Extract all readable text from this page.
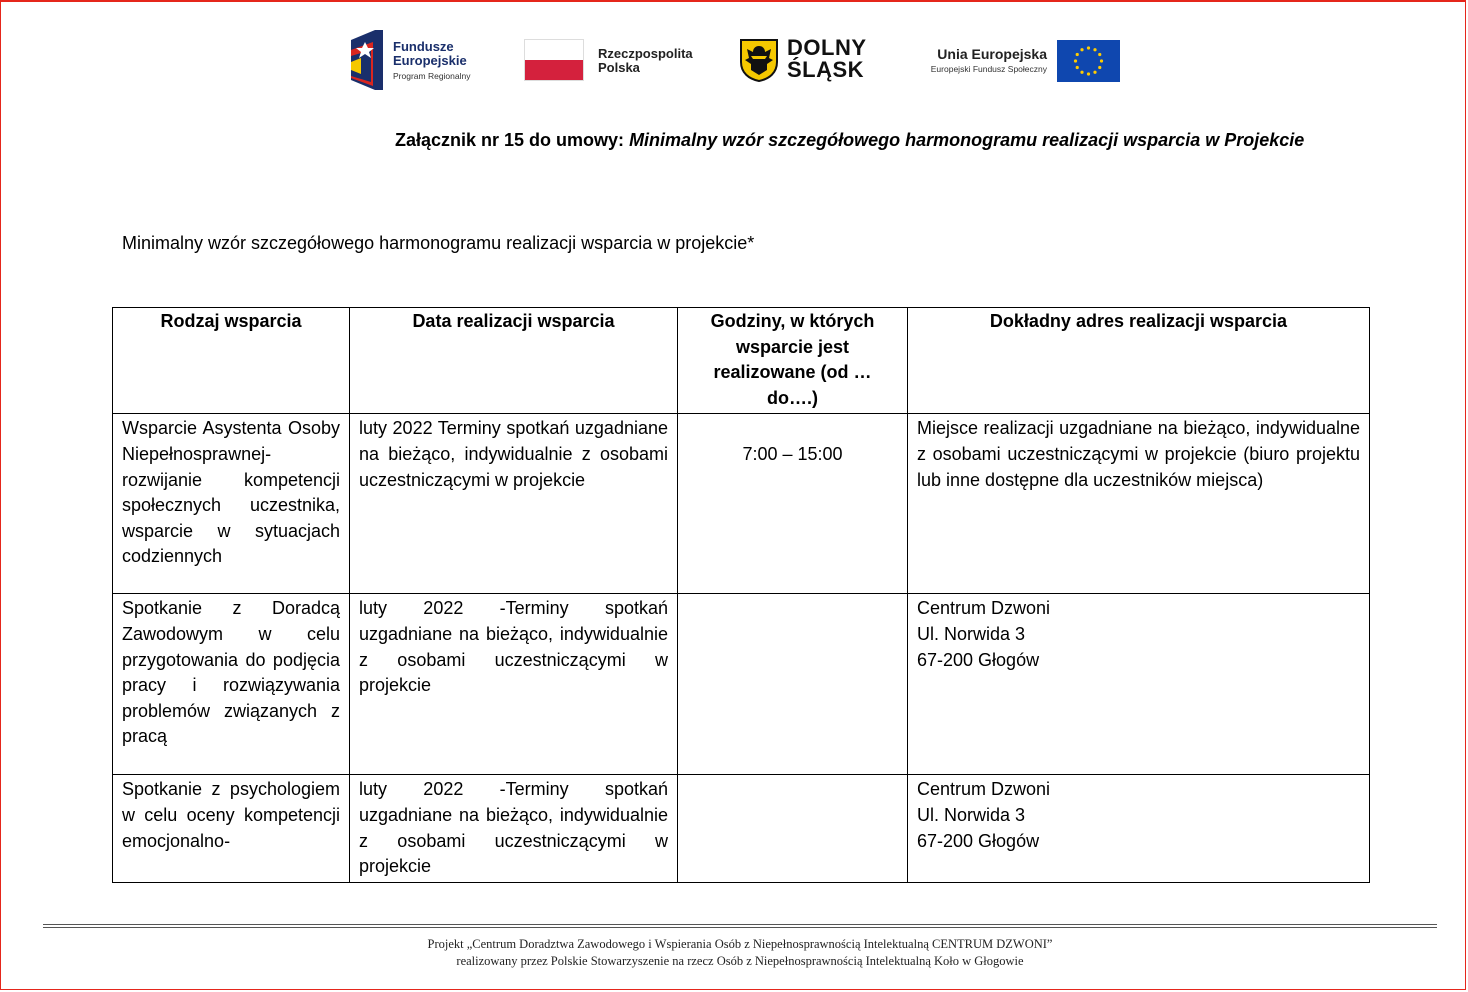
Fundusze
Europejskie
Program Regionalny
Rzeczpospolita
Polska
DOLNY
ŚLĄSK
Unia Europejska
Europejski Fundusz Społeczny
Załącznik nr 15 do umowy: Minimalny wzór szczegółowego harmonogramu realizacji wsparcia w Projekcie
Minimalny wzór szczegółowego harmonogramu realizacji wsparcia w projekcie*
Rodzaj wsparcia	Data realizacji wsparcia	Godziny, w których wsparcie jest realizowane (od … do….)	Dokładny adres realizacji wsparcia
Wsparcie Asystenta Osoby Niepełnosprawnej- rozwijanie kompetencji społecznych uczestnika, wsparcie w sytuacjach codziennych	luty 2022 Terminy spotkań uzgadniane na bieżąco, indywidualnie z osobami uczestniczącymi w projekcie	7:00 – 15:00	Miejsce realizacji uzgadniane na bieżąco, indywidualne z osobami uczestniczącymi w projekcie (biuro projektu lub inne dostępne dla uczestników miejsca)

Spotkanie z Doradcą Zawodowym w celu przygotowania do podjęcia pracy i rozwiązywania problemów związanych z pracą	luty 2022 -Terminy spotkań uzgadniane na bieżąco, indywidualnie z osobami uczestniczącymi w projekcie		Centrum Dzwoni
Ul. Norwida 3
67-200 Głogów

Spotkanie z psychologiem w celu oceny kompetencji emocjonalno-	luty 2022 -Terminy spotkań uzgadniane na bieżąco, indywidualnie z osobami uczestniczącymi w projekcie		Centrum Dzwoni
Ul. Norwida 3
67-200 Głogów
Projekt „Centrum Doradztwa Zawodowego i Wspierania Osób z Niepełnosprawnością Intelektualną CENTRUM DZWONI”
realizowany przez Polskie Stowarzyszenie na rzecz Osób z Niepełnosprawnością Intelektualną Koło w Głogowie
